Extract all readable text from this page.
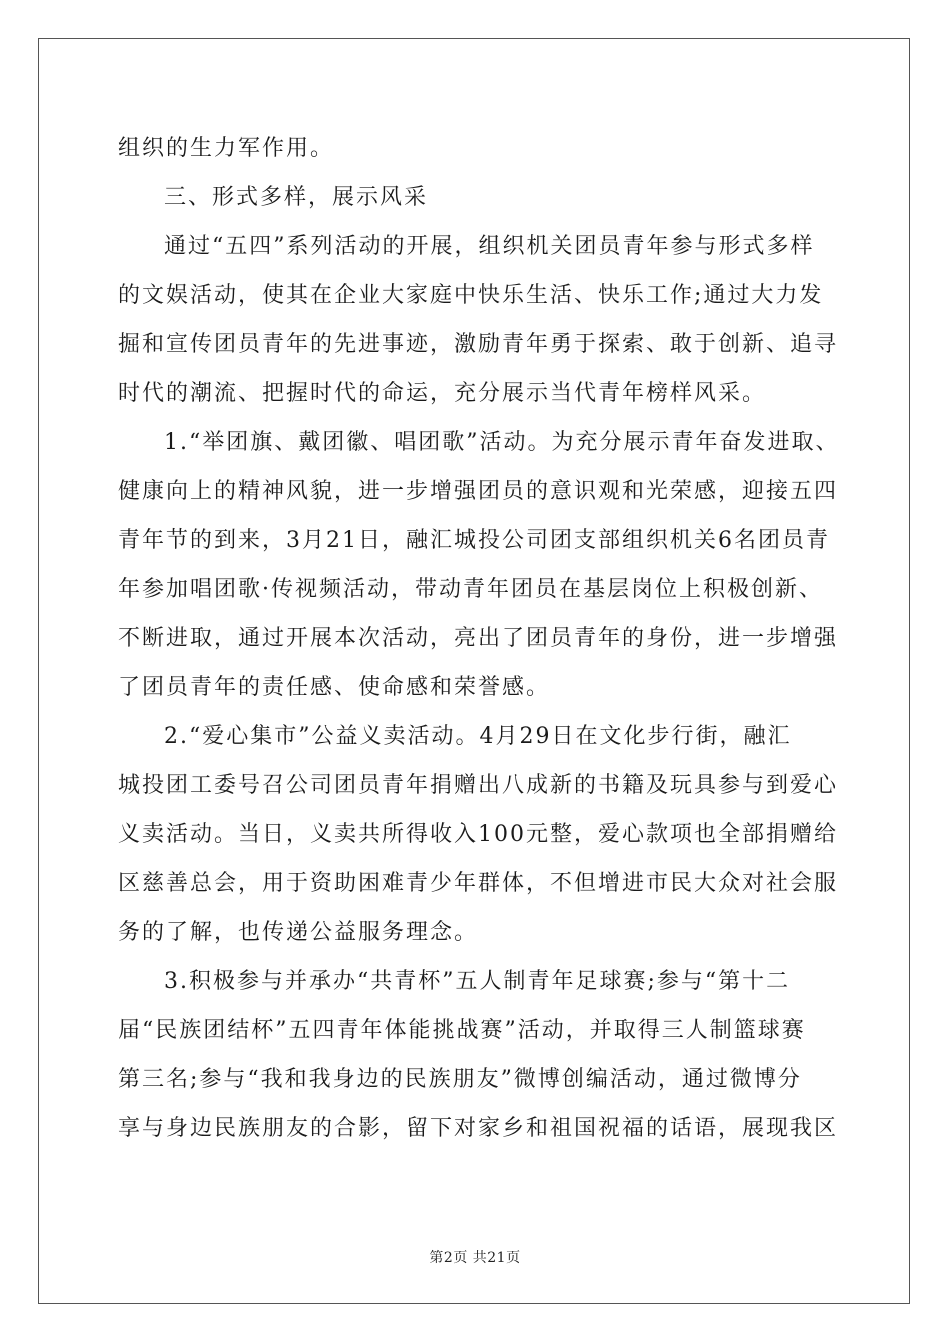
组织的生力军作用。
三、形式多样，展示风采
通过“五四”系列活动的开展，组织机关团员青年参与形式多样
的文娱活动，使其在企业大家庭中快乐生活、快乐工作;通过大力发
掘和宣传团员青年的先进事迹，激励青年勇于探索、敢于创新、追寻
时代的潮流、把握时代的命运，充分展示当代青年榜样风采。
1.“举团旗、戴团徽、唱团歌”活动。为充分展示青年奋发进取、
健康向上的精神风貌，进一步增强团员的意识观和光荣感，迎接五四
青年节的到来，3月21日，融汇城投公司团支部组织机关6名团员青
年参加唱团歌·传视频活动，带动青年团员在基层岗位上积极创新、
不断进取，通过开展本次活动，亮出了团员青年的身份，进一步增强
了团员青年的责任感、使命感和荣誉感。
2.“爱心集市”公益义卖活动。4月29日在文化步行街，融汇
城投团工委号召公司团员青年捐赠出八成新的书籍及玩具参与到爱心
义卖活动。当日，义卖共所得收入100元整，爱心款项也全部捐赠给
区慈善总会，用于资助困难青少年群体，不但增进市民大众对社会服
务的了解，也传递公益服务理念。
3.积极参与并承办“共青杯”五人制青年足球赛;参与“第十二
届“民族团结杯”五四青年体能挑战赛”活动，并取得三人制篮球赛
第三名;参与“我和我身边的民族朋友”微博创编活动，通过微博分
享与身边民族朋友的合影，留下对家乡和祖国祝福的话语，展现我区
第2页 共21页
